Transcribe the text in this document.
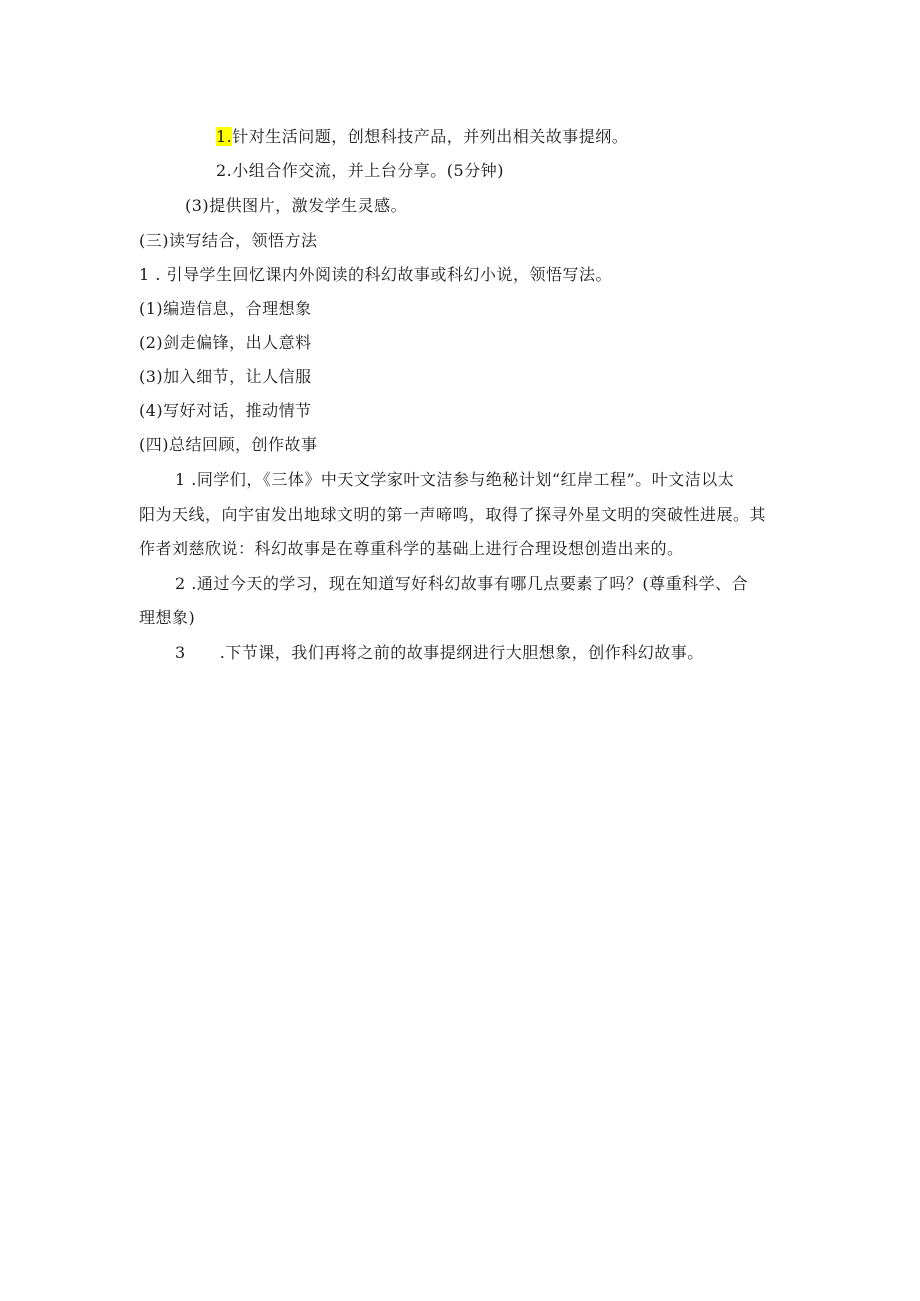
1.针对生活问题，创想科技产品，并列出相关故事提纲。
2.小组合作交流，并上台分享。(5分钟)
(3)提供图片，激发学生灵感。
(三)读写结合，领悟方法
1 . 引导学生回忆课内外阅读的科幻故事或科幻小说，领悟写法。
(1)编造信息，合理想象
(2)剑走偏锋，出人意料
(3)加入细节，让人信服
(4)写好对话，推动情节
(四)总结回顾，创作故事
1 .同学们，《三体》中天文学家叶文洁参与绝秘计划“红岸工程”。叶文洁以太
阳为天线，向宇宙发出地球文明的第一声啼鸣，取得了探寻外星文明的突破性进展。其
作者刘慈欣说：科幻故事是在尊重科学的基础上进行合理设想创造出来的。
2 .通过今天的学习，现在知道写好科幻故事有哪几点要素了吗？(尊重科学、合
理想象)
3 .下节课，我们再将之前的故事提纲进行大胆想象，创作科幻故事。
